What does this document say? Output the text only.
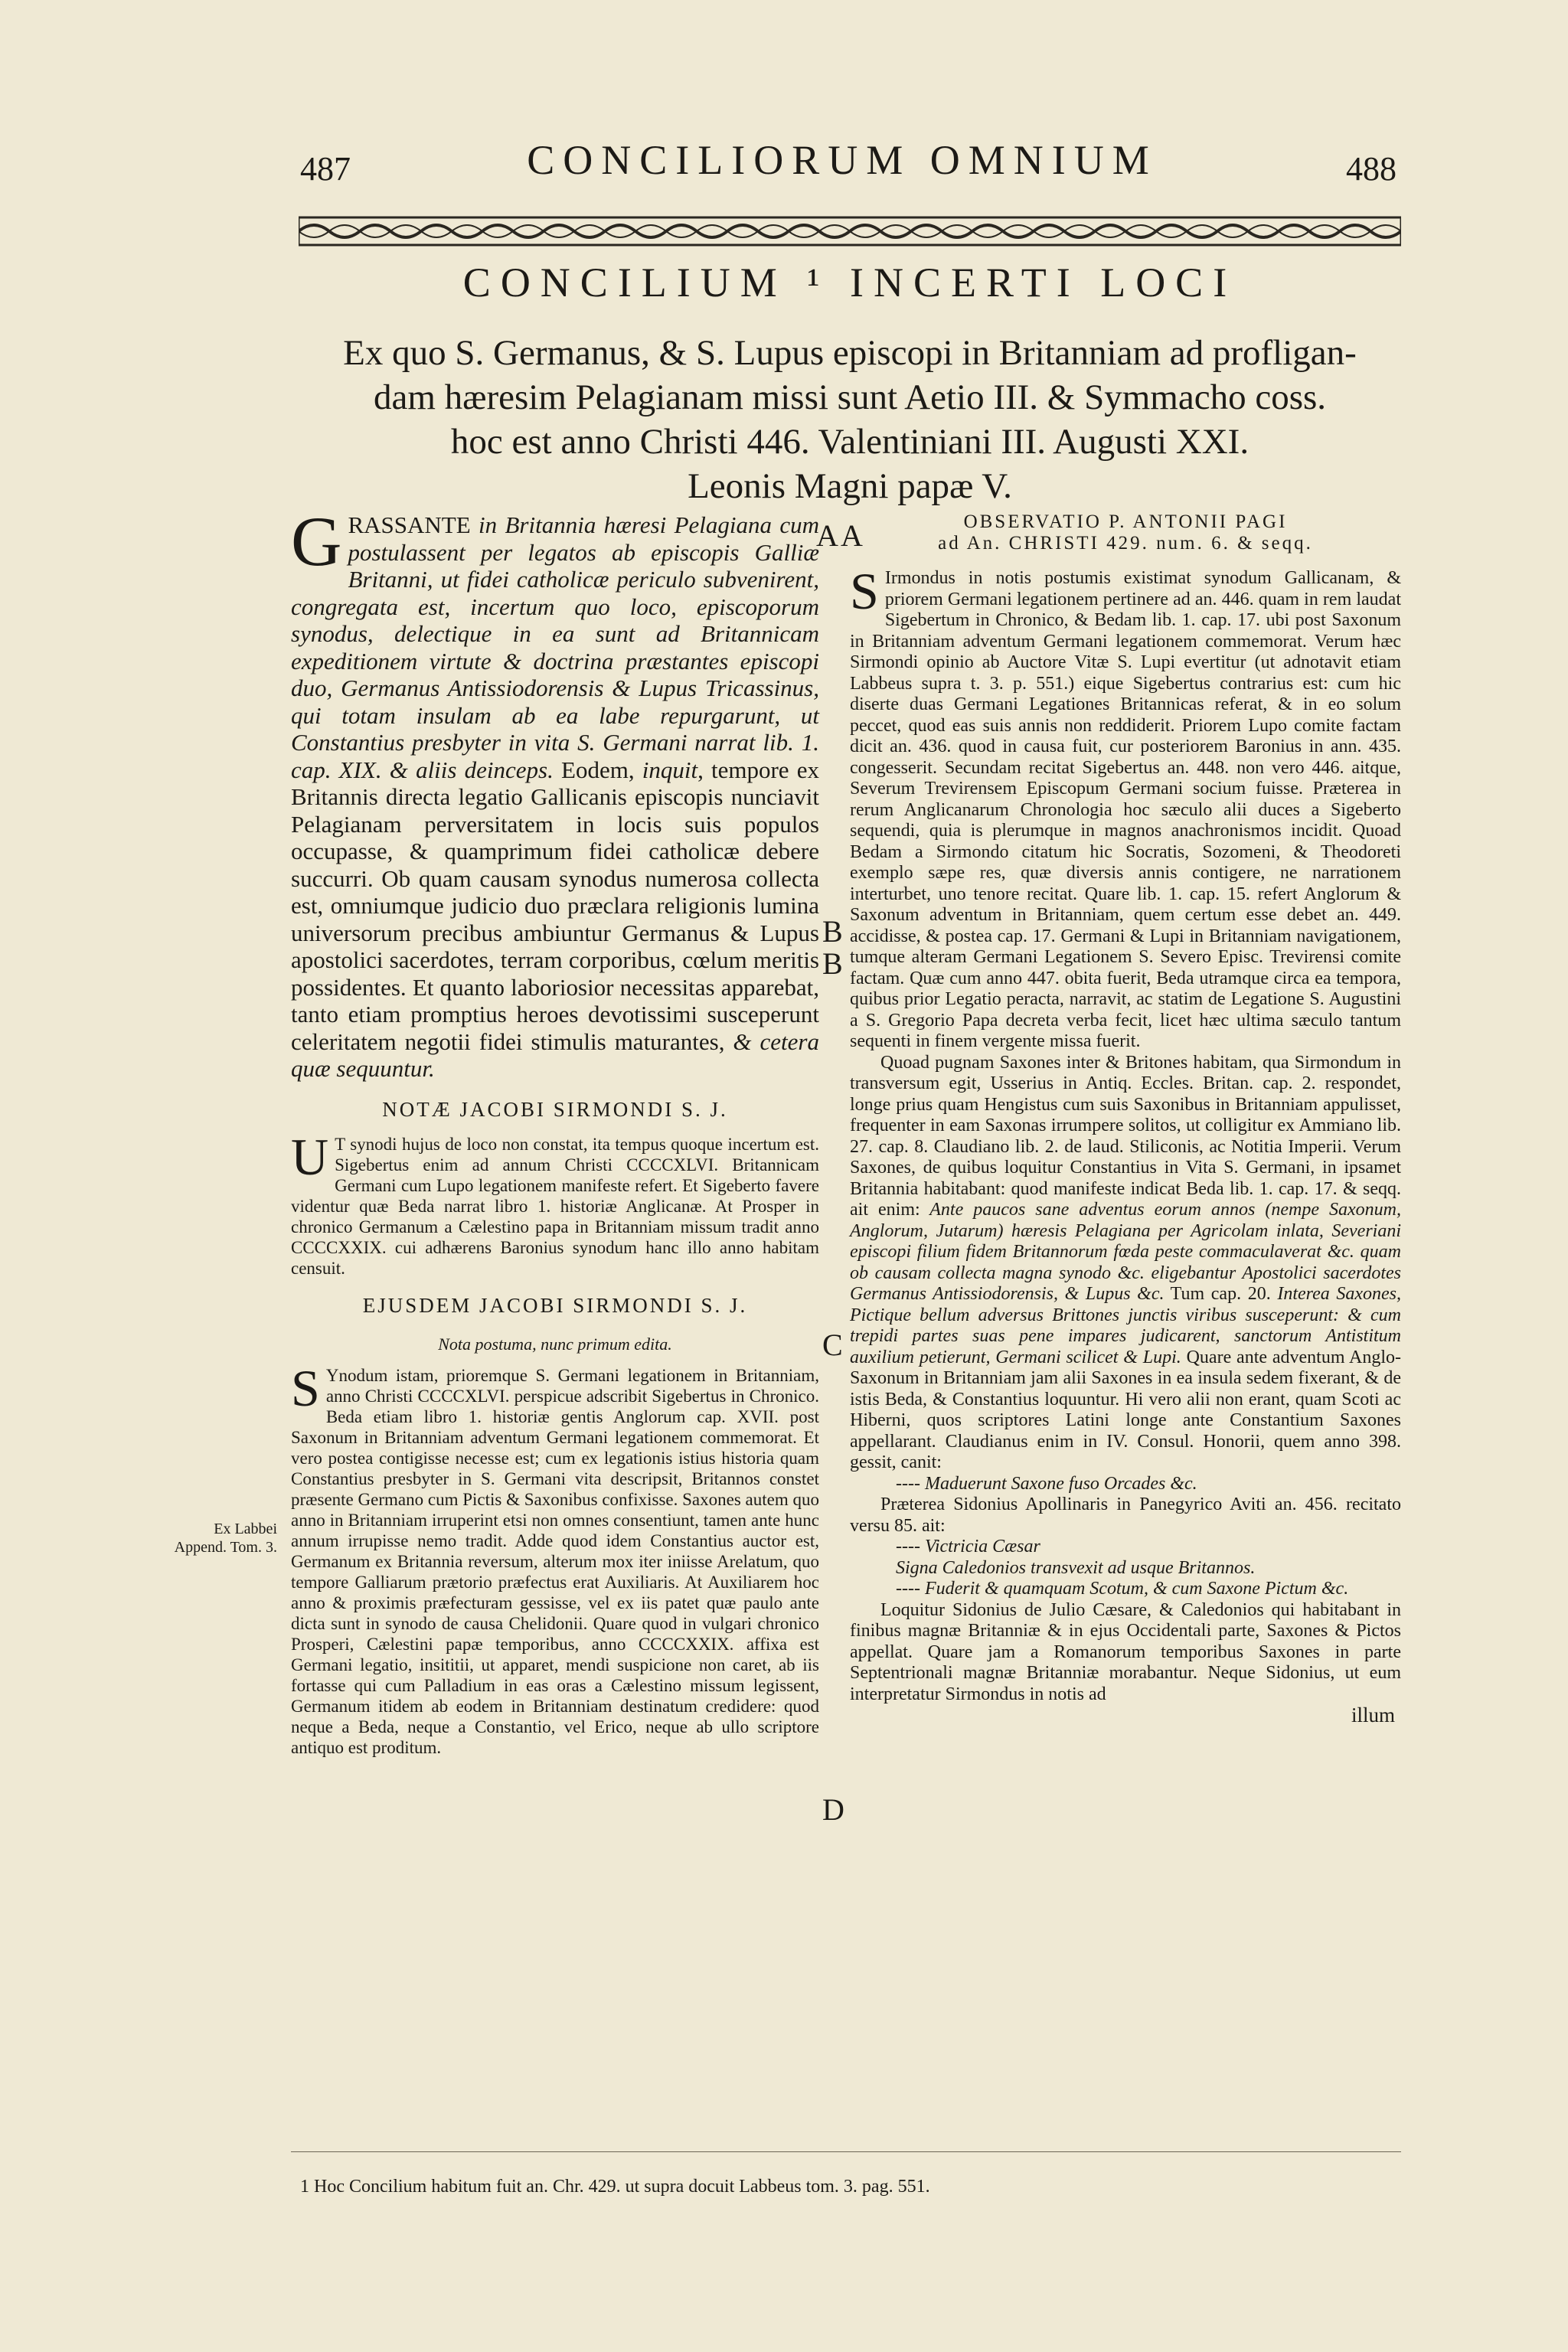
487	CONCILIORUM OMNIUM	488
CONCILIUM ¹ INCERTI LOCI
Ex quo S. Germanus, & S. Lupus episcopi in Britanniam ad profligan-
dam hæresim Pelagianam missi sunt Aetio III. & Symmacho coss.
hoc est anno Christi 446. Valentiniani III. Augusti XXI.
Leonis Magni papæ V.

GRASSANTE in Britannia hæresi Pelagiana cum postulassent per legatos ab episcopis Galliæ Britanni, ut fidei catholicæ periculo subvenirent, congregata est, incertum quo loco, episcoporum synodus, delectique in ea sunt ad Britannicam expeditionem virtute & doctrina præstantes episcopi duo, Germanus Antissiodorensis & Lupus Tricassinus, qui totam insulam ab ea labe repurgarunt, ut Constantius presbyter in vita S. Germani narrat lib. 1. cap. XIX. & aliis deinceps. Eodem, inquit, tempore ex Britannis directa legatio Gallicanis episcopis nunciavit Pelagianam perversitatem in locis suis populos occupasse, & quamprimum fidei catholicæ debere succurri. Ob quam causam synodus numerosa collecta est, omniumque judicio duo præclara religionis lumina universorum precibus ambiuntur Germanus & Lupus apostolici sacerdotes, terram corporibus, cœlum meritis possidentes. Et quanto laboriosior necessitas apparebat, tanto etiam promptius heroes devotissimi susceperunt celeritatem negotii fidei stimulis maturantes, & cetera quæ sequuntur.

NOTÆ JACOBI SIRMONDI S. J.

U T synodi hujus de loco non constat, ita tempus quoque incertum est. Sigebertus enim ad annum Christi CCCCXLVI. Britannicam Germani cum Lupo legationem manifeste refert. Et Sigeberto favere videntur quæ Beda narrat libro 1. historiæ Anglicanæ. At Prosper in chronico Germanum a Cælestino papa in Britanniam missum tradit anno CCCCXXIX. cui adhærens Baronius synodum hanc illo anno habitam censuit.

EJUSDEM JACOBI SIRMONDI S. J.
Nota postuma, nunc primum edita.

S Ynodum istam, prioremque S. Germani legationem in Britanniam, anno Christi CCCCXLVI. perspicue adscribit Sigebertus in Chronico. Beda etiam libro 1. historiæ gentis Anglorum cap. XVII. post Saxonum in Britanniam adventum Germani legationem commemorat. Et vero postea contigisse necesse est; cum ex legationis istius historia quam Constantius presbyter in S. Germani vita descripsit, Britannos constet præsente Germano cum Pictis & Saxonibus confixisse. Saxones autem quo anno in Britanniam irruperint etsi non omnes consentiunt, tamen ante hunc annum irrupisse nemo tradit. Adde quod idem Constantius auctor est, Germanum ex Britannia reversum, alterum mox iter iniisse Arelatum, quo tempore Galliarum prætorio præfectus erat Auxiliaris. At Auxiliarem hoc anno & proximis præfecturam gessisse, vel ex iis patet quæ paulo ante dicta sunt in synodo de causa Chelidonii. Quare quod in vulgari chronico Prosperi, Cælestini papæ temporibus, anno CCCCXXIX. affixa est Germani legatio, insititii, ut apparet, mendi suspicione non caret, ab iis fortasse qui cum Palladium in eas oras a Cælestino missum legissent, Germanum itidem ab eodem in Britanniam destinatum credidere: quod neque a Beda, neque a Constantio, vel Erico, neque ab ullo scriptore antiquo est proditum.

OBSERVATIO P. ANTONII PAGI
ad An. CHRISTI 429. num. 6. & seqq.

S Irmondus in notis postumis existimat synodum Gallicanam, & priorem Germani legationem pertinere ad an. 446. quam in rem laudat Sigebertum in Chronico, & Bedam lib. 1. cap. 17. ubi post Saxonum in Britanniam adventum Germani legationem commemorat. Verum hæc Sirmondi opinio ab Auctore Vitæ S. Lupi evertitur (ut adnotavit etiam Labbeus supra t. 3. p. 551.) eique Sigebertus contrarius est: cum hic diserte duas Germani Legationes Britannicas referat, & in eo solum peccet, quod eas suis annis non reddiderit. Priorem Lupo comite factam dicit an. 436. quod in causa fuit, cur posteriorem Baronius in ann. 435. congesserit. Secundam recitat Sigebertus an. 448. non vero 446. aitque, Severum Trevirensem Episcopum Germani socium fuisse. Præterea in rerum Anglicanarum Chronologia hoc sæculo alii duces a Sigeberto sequendi, quia is plerumque in magnos anachronismos incidit. Quoad Bedam a Sirmondo citatum hic Socratis, Sozomeni, & Theodoreti exemplo sæpe res, quæ diversis annis contigere, ne narrationem interturbet, uno tenore recitat. Quare lib. 1. cap. 15. refert Anglorum & Saxonum adventum in Britanniam, quem certum esse debet an. 449. accidisse, & postea cap. 17. Germani & Lupi in Britanniam navigationem, tumque alteram Germani Legationem S. Severo Episc. Trevirensi comite factam. Quæ cum anno 447. obita fuerit, Beda utramque circa ea tempora, quibus prior Legatio peracta, narravit, ac statim de Legatione S. Augustini a S. Gregorio Papa decreta verba fecit, licet hæc ultima sæculo tantum sequenti in finem vergente missa fuerit.

Quoad pugnam Saxones inter & Britones habitam, qua Sirmondum in transversum egit, Usserius in Antiq. Eccles. Britan. cap. 2. respondet, longe prius quam Hengistus cum suis Saxonibus in Britanniam appulisset, frequenter in eam Saxonas irrumpere solitos, ut colligitur ex Ammiano lib. 27. cap. 8. Claudiano lib. 2. de laud. Stiliconis, ac Notitia Imperii. Verum Saxones, de quibus loquitur Constantius in Vita S. Germani, in ipsamet Britannia habitabant: quod manifeste indicat Beda lib. 1. cap. 17. & seqq. ait enim: Ante paucos sane adventus eorum annos (nempe Saxonum, Anglorum, Jutarum) hæresis Pelagiana per Agricolam inlata, Severiani episcopi filium fidem Britannorum fœda peste commaculaverat &c. quam ob causam collecta magna synodo &c. eligebantur Apostolici sacerdotes Germanus Antissiodorensis, & Lupus &c. Tum cap. 20. Interea Saxones, Pictique bellum adversus Brittones junctis viribus susceperunt: & cum trepidi partes suas pene impares judicarent, sanctorum Antistitum auxilium petierunt, Germani scilicet & Lupi. Quare ante adventum Anglo-Saxonum in Britanniam jam alii Saxones in ea insula sedem fixerant, & de istis Beda, & Constantius loquuntur. Hi vero alii non erant, quam Scoti ac Hiberni, quos scriptores Latini longe ante Constantium Saxones appellarant. Claudianus enim in IV. Consul. Honorii, quem anno 398. gessit, canit:

---- Maduerunt Saxone fuso Orcades &c.

Præterea Sidonius Apollinaris in Panegyrico Aviti an. 456. recitato versu 85. ait:

---- Victricia Cæsar

Signa Caledonios transvexit ad usque Britannos.

---- Fuderit & quamquam Scotum, & cum Saxone Pictum &c.

Loquitur Sidonius de Julio Cæsare, & Caledonios qui habitabant in finibus magnæ Britanniæ & in ejus Occidentali parte, Saxones & Pictos appellat. Quare jam a Romanorum temporibus Saxones in parte Septentrionali magnæ Britanniæ morabantur. Neque Sidonius, ut eum interpretatur Sirmondus in notis ad

illum
A A
B
B
C
D
Ex Labbei Append. Tom. 3.
1 Hoc Concilium habitum fuit an. Chr. 429. ut supra docuit Labbeus tom. 3. pag. 551.
